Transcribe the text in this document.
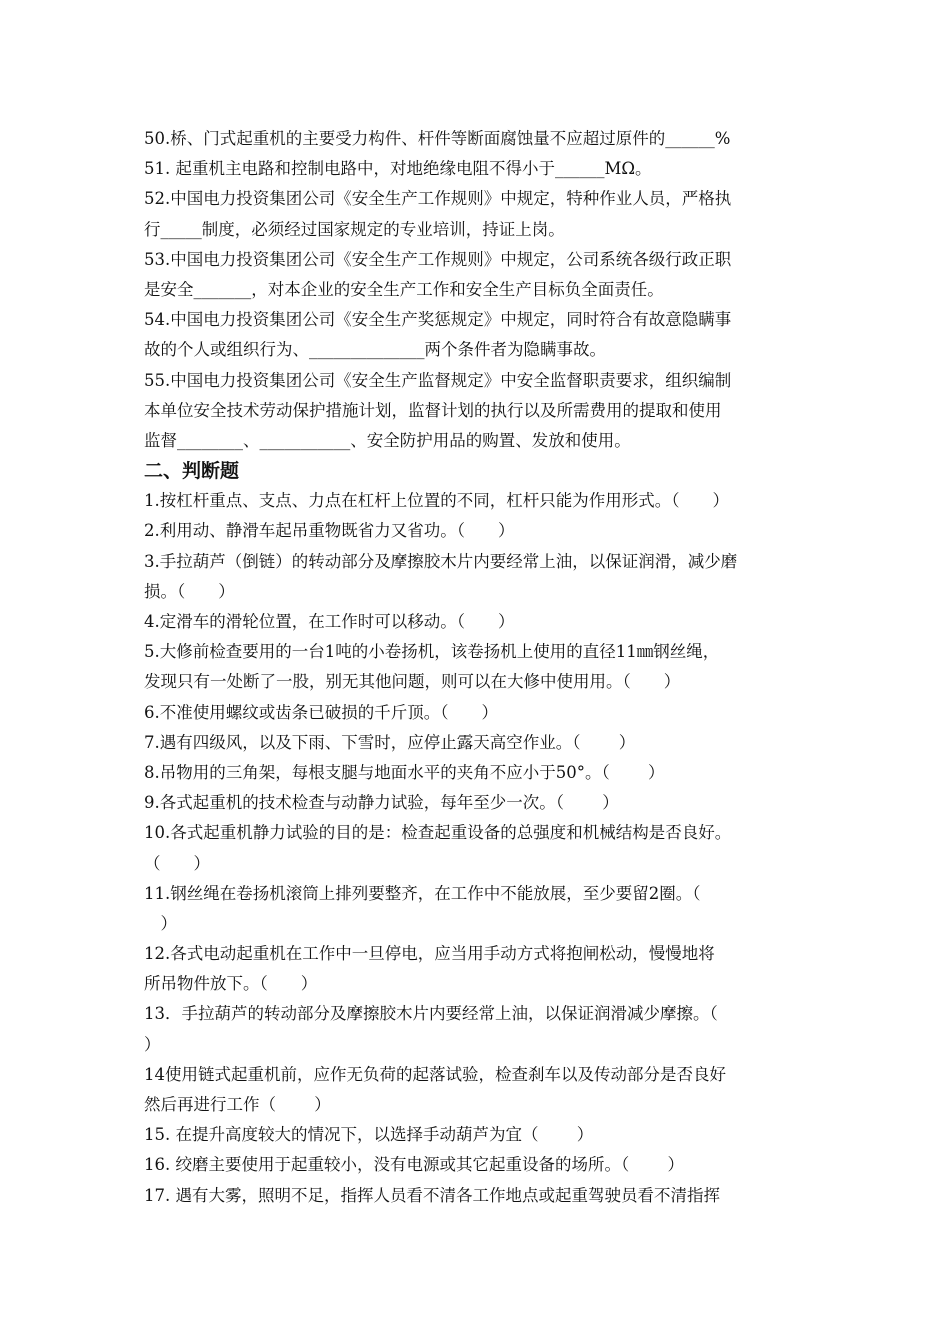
50.桥、门式起重机的主要受力构件、杆件等断面腐蚀量不应超过原件的______%
51. 起重机主电路和控制电路中，对地绝缘电阻不得小于______MΩ。
52.中国电力投资集团公司《安全生产工作规则》中规定，特种作业人员，严格执
行_____制度，必须经过国家规定的专业培训，持证上岗。
53.中国电力投资集团公司《安全生产工作规则》中规定，公司系统各级行政正职
是安全_______，对本企业的安全生产工作和安全生产目标负全面责任。
54.中国电力投资集团公司《安全生产奖惩规定》中规定，同时符合有故意隐瞒事
故的个人或组织行为、______________两个条件者为隐瞒事故。
55.中国电力投资集团公司《安全生产监督规定》中安全监督职责要求，组织编制
本单位安全技术劳动保护措施计划，监督计划的执行以及所需费用的提取和使用
监督________、___________、安全防护用品的购置、发放和使用。
二、判断题
1.按杠杆重点、支点、力点在杠杆上位置的不同，杠杆只能为作用形式。（　　）
2.利用动、静滑车起吊重物既省力又省功。（　　）
3.手拉葫芦（倒链）的转动部分及摩擦胶木片内要经常上油，以保证润滑，减少磨
损。（　　）
4.定滑车的滑轮位置，在工作时可以移动。（　　）
5.大修前检查要用的一台1吨的小卷扬机，该卷扬机上使用的直径11㎜钢丝绳，
发现只有一处断了一股，别无其他问题，则可以在大修中使用用。（　　）
6.不准使用螺纹或齿条已破损的千斤顶。（　　）
7.遇有四级风，以及下雨、下雪时，应停止露天高空作业。（　　 ）
8.吊物用的三角架，每根支腿与地面水平的夹角不应小于50°。（　　 ）
9.各式起重机的技术检查与动静力试验，每年至少一次。（　　 ）
10.各式起重机静力试验的目的是：检查起重设备的总强度和机械结构是否良好。
（　　）
11.钢丝绳在卷扬机滚筒上排列要整齐，在工作中不能放展，至少要留2圈。（
　）
12.各式电动起重机在工作中一旦停电，应当用手动方式将抱闸松动，慢慢地将
所吊物件放下。（　　）
13．手拉葫芦的转动部分及摩擦胶木片内要经常上油，以保证润滑减少摩擦。（
）
14使用链式起重机前，应作无负荷的起落试验，检查刹车以及传动部分是否良好
然后再进行工作（　　 ）
15. 在提升高度较大的情况下，以选择手动葫芦为宜（　　 ）
16. 绞磨主要使用于起重较小，没有电源或其它起重设备的场所。（　　 ）
17. 遇有大雾，照明不足，指挥人员看不清各工作地点或起重驾驶员看不清指挥
